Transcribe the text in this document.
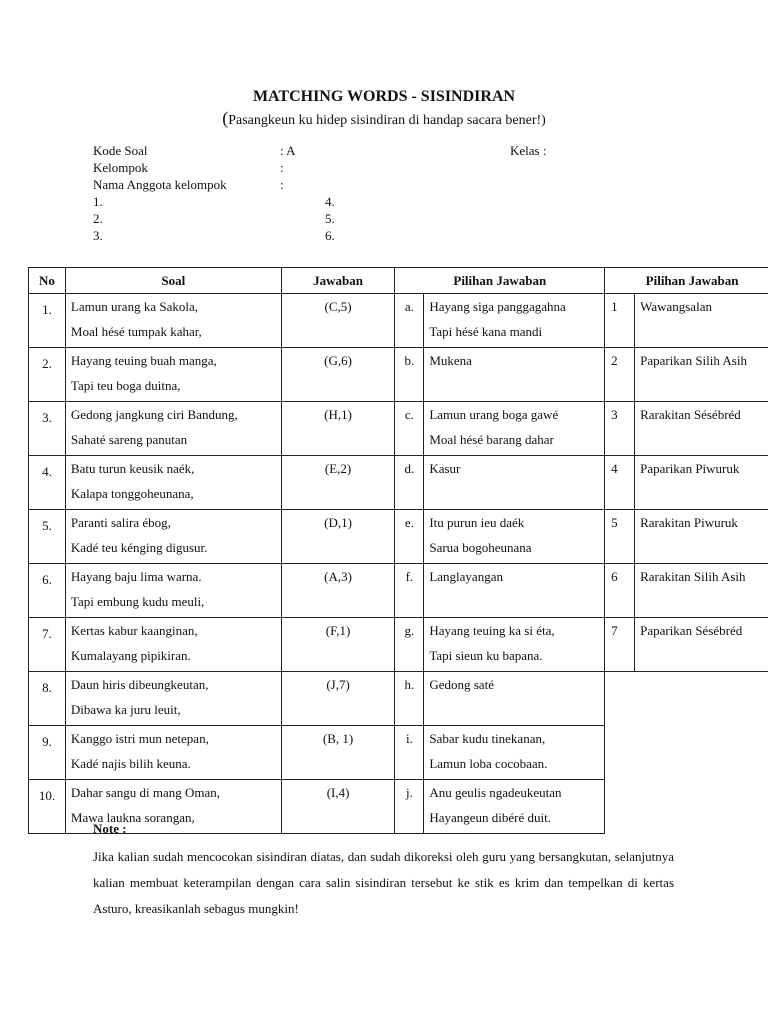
MATCHING WORDS - SISINDIRAN
(Pasangkeun ku hidep sisindiran di handap sacara bener!)
Kode Soal	: A	Kelas :
Kelompok	:
Nama Anggota kelompok	:
1.
2.
3.
4.
5.
6.
No	Soal	Jawaban	Pilihan Jawaban		Pilihan Jawaban	

1.	Lamun urang ka Sakola,
Moal hésé tumpak kahar,	(C,5)	a.	Hayang siga panggagahna
Tapi hésé kana mandi	1	Wawangsalan

2.	Hayang teuing buah manga,
Tapi teu boga duitna,	(G,6)	b.	Mukena	2	Paparikan Silih Asih

3.	Gedong jangkung ciri Bandung,
Sahaté sareng panutan	(H,1)	c.	Lamun urang boga gawé
Moal hésé barang dahar	3	Rarakitan Sésébréd

4.	Batu turun keusik naék,
Kalapa tonggoheunana,	(E,2)	d.	Kasur	4	Paparikan Piwuruk

5.	Paranti salira ébog,
Kadé teu kénging digusur.	(D,1)	e.	Itu purun ieu daék
Sarua bogoheunana	5	Rarakitan Piwuruk

6.	Hayang baju lima warna.
Tapi embung kudu meuli,	(A,3)	f.	Langlayangan	6	Rarakitan Silih Asih

7.	Kertas kabur kaanginan,
Kumalayang pipikiran.	(F,1)	g.	Hayang teuing ka si éta,
Tapi sieun ku bapana.	7	Paparikan Sésébréd

8.	Daun hiris dibeungkeutan,
Dibawa ka juru leuit,	(J,7)	h.	Gedong saté		

9.	Kanggo istri mun netepan,
Kadé najis bilih keuna.	(B, 1)	i.	Sabar kudu tinekanan,
Lamun loba cocobaan.		

10.	Dahar sangu di mang Oman,
Mawa laukna sorangan,	(I,4)	j.	Anu geulis ngadeukeutan
Hayangeun dibéré duit.		

Note :
Jika kalian sudah mencocokan sisindiran diatas, dan sudah dikoreksi oleh guru yang bersangkutan, selanjutnya kalian membuat keterampilan dengan cara salin sisindiran tersebut ke stik es krim dan tempelkan di kertas Asturo, kreasikanlah sebagus mungkin!
